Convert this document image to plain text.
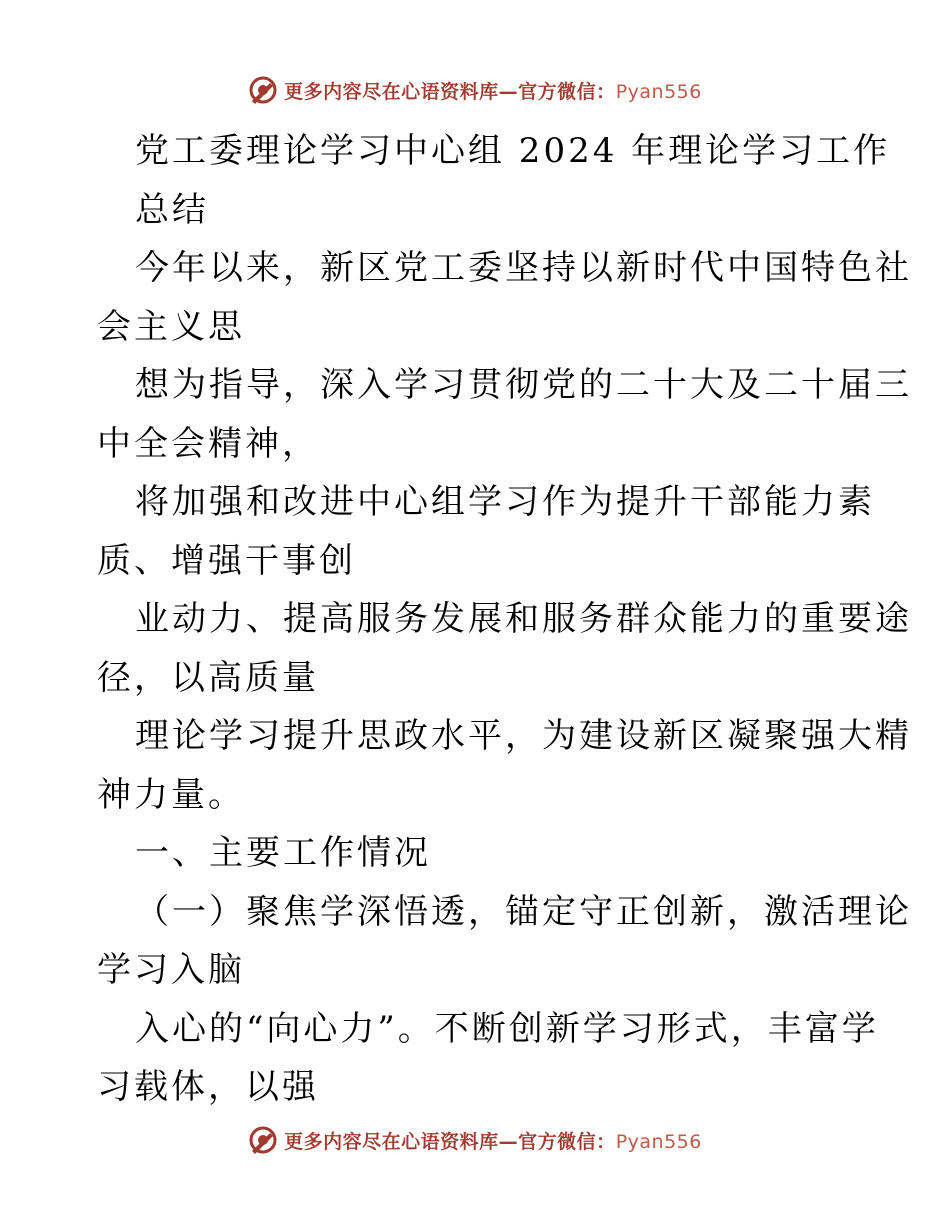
更多内容尽在心语资料库—官方微信：Pyan556
党工委理论学习中心组 2024 年理论学习工作
总结
今年以来，新区党工委坚持以新时代中国特色社
会主义思
想为指导，深入学习贯彻党的二十大及二十届三
中全会精神，
将加强和改进中心组学习作为提升干部能力素
质、增强干事创
业动力、提高服务发展和服务群众能力的重要途
径，以高质量
理论学习提升思政水平，为建设新区凝聚强大精
神力量。
一、主要工作情况
（一）聚焦学深悟透，锚定守正创新，激活理论
学习入脑
入心的“向心力”。不断创新学习形式，丰富学
习载体，以强
更多内容尽在心语资料库—官方微信：Pyan556
